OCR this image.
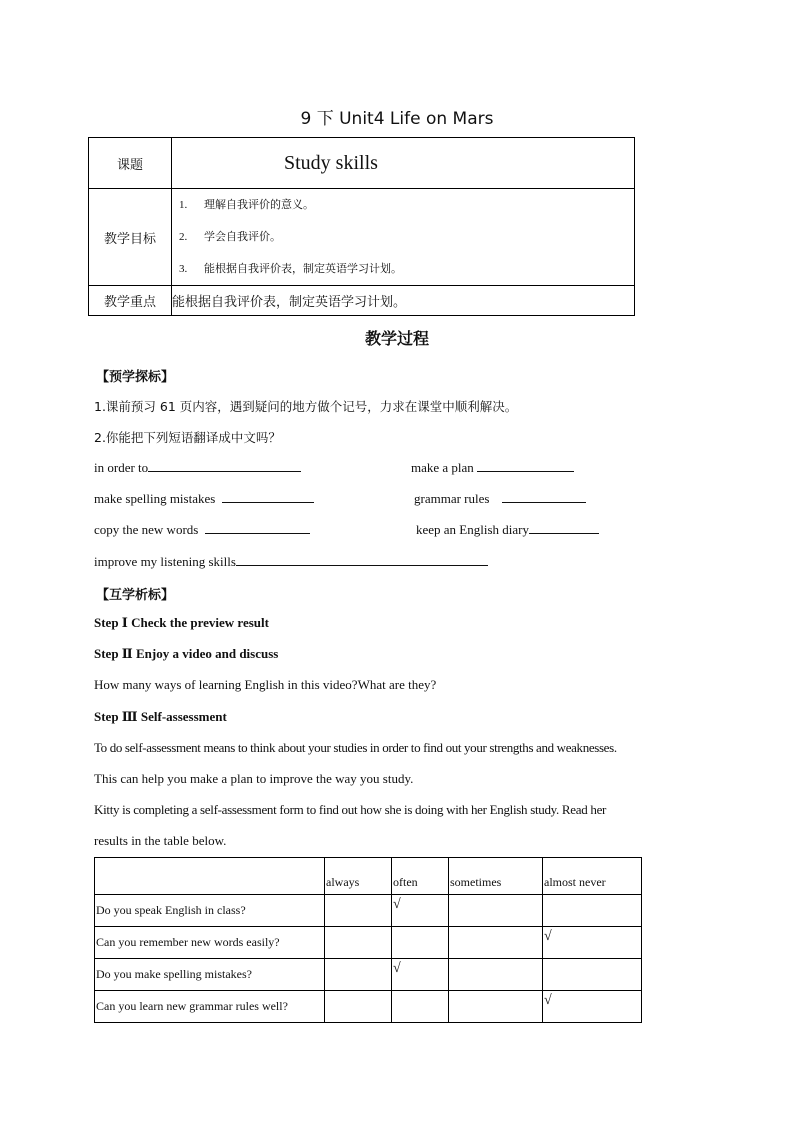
9 下 Unit4 Life on Mars
课题	Study skills
教学目标	1. 理解自我评价的意义。
2. 学会自我评价。
3. 能根据自我评价表，制定英语学习计划。

教学重点	能根据自我评价表，制定英语学习计划。
教学过程
【预学探标】
1.课前预习 61 页内容，遇到疑问的地方做个记号，力求在课堂中顺利解决。
2.你能把下列短语翻译成中文吗？
in order to	make a plan
make spelling mistakes	grammar rules
copy the new words	keep an English diary
improve my listening skills
【互学析标】
Step Ⅰ Check the preview result
Step Ⅱ Enjoy a video and discuss
How many ways of learning English in this video?What are they?
Step Ⅲ Self-assessment
To do self-assessment means to think about your studies in order to find out your strengths and weaknesses.
This can help you make a plan to improve the way you study.
Kitty is completing a self-assessment form to find out how she is doing with her English study. Read her
results in the table below.
	always	often	sometimes	almost never
Do you speak English in class?		√		
Can you remember new words easily?				√
Do you make spelling mistakes?		√		
Can you learn new grammar rules well?				√
